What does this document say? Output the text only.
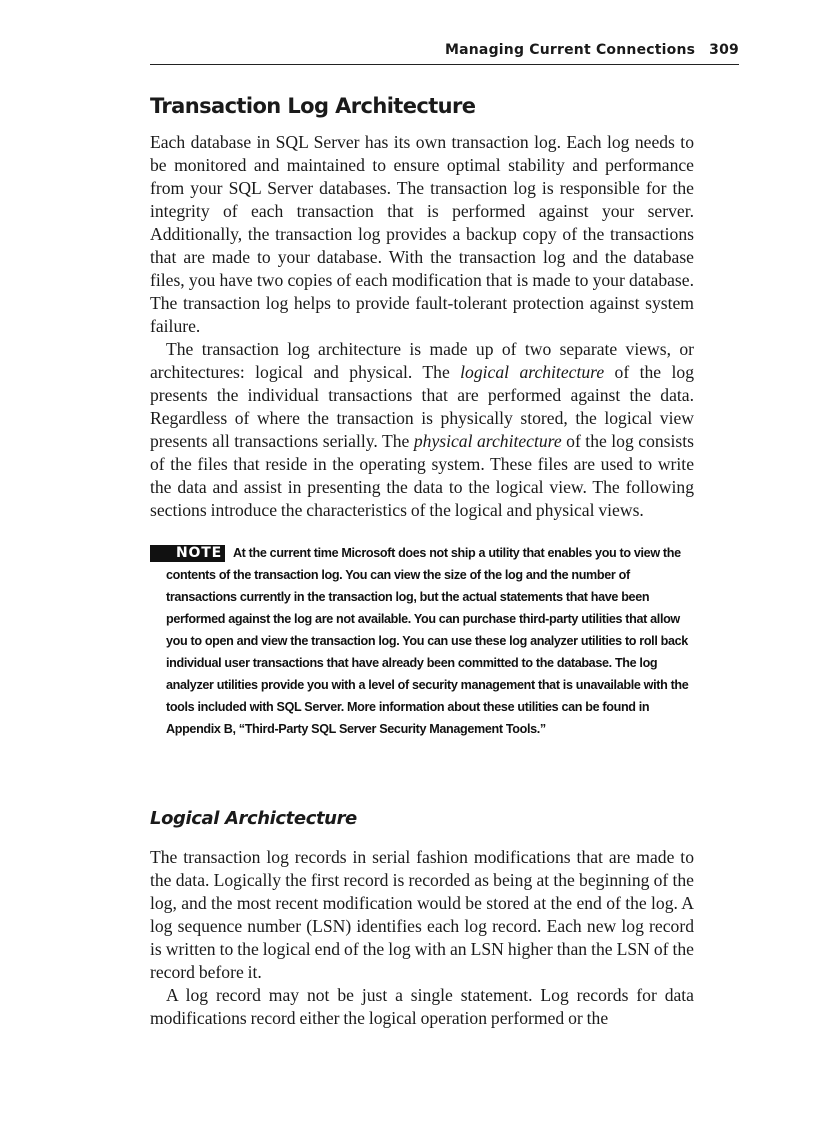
Managing Current Connections 309
Transaction Log Architecture

Each database in SQL Server has its own transaction log. Each log needs to be monitored and maintained to ensure optimal stability and performance from your SQL Server databases. The transaction log is responsible for the integrity of each transaction that is performed against your server. Additionally, the transaction log provides a backup copy of the transactions that are made to your database. With the transaction log and the database files, you have two copies of each modification that is made to your database. The transaction log helps to provide fault-tolerant protection against system failure.

The transaction log architecture is made up of two separate views, or architectures: logical and physical. The logical architecture of the log presents the individual transactions that are performed against the data. Regardless of where the transaction is physically stored, the logical view presents all transactions serially. The physical architecture of the log consists of the files that reside in the operating system. These files are used to write the data and assist in presenting the data to the logical view. The following sections introduce the characteristics of the logical and physical views.

NOTE At the current time Microsoft does not ship a utility that enables you to view the contents of the transaction log. You can view the size of the log and the number of transactions currently in the transaction log, but the actual statements that have been performed against the log are not available. You can purchase third-party utilities that allow you to open and view the transaction log. You can use these log analyzer utilities to roll back individual user transactions that have already been committed to the database. The log analyzer utilities provide you with a level of security management that is unavailable with the tools included with SQL Server. More information about these utilities can be found in Appendix B, “Third-Party SQL Server Security Management Tools.”

Logical Archictecture

The transaction log records in serial fashion modifications that are made to the data. Logically the first record is recorded as being at the beginning of the log, and the most recent modification would be stored at the end of the log. A log sequence number (LSN) identifies each log record. Each new log record is written to the logical end of the log with an LSN higher than the LSN of the record before it.

A log record may not be just a single statement. Log records for data modifications record either the logical operation performed or the
